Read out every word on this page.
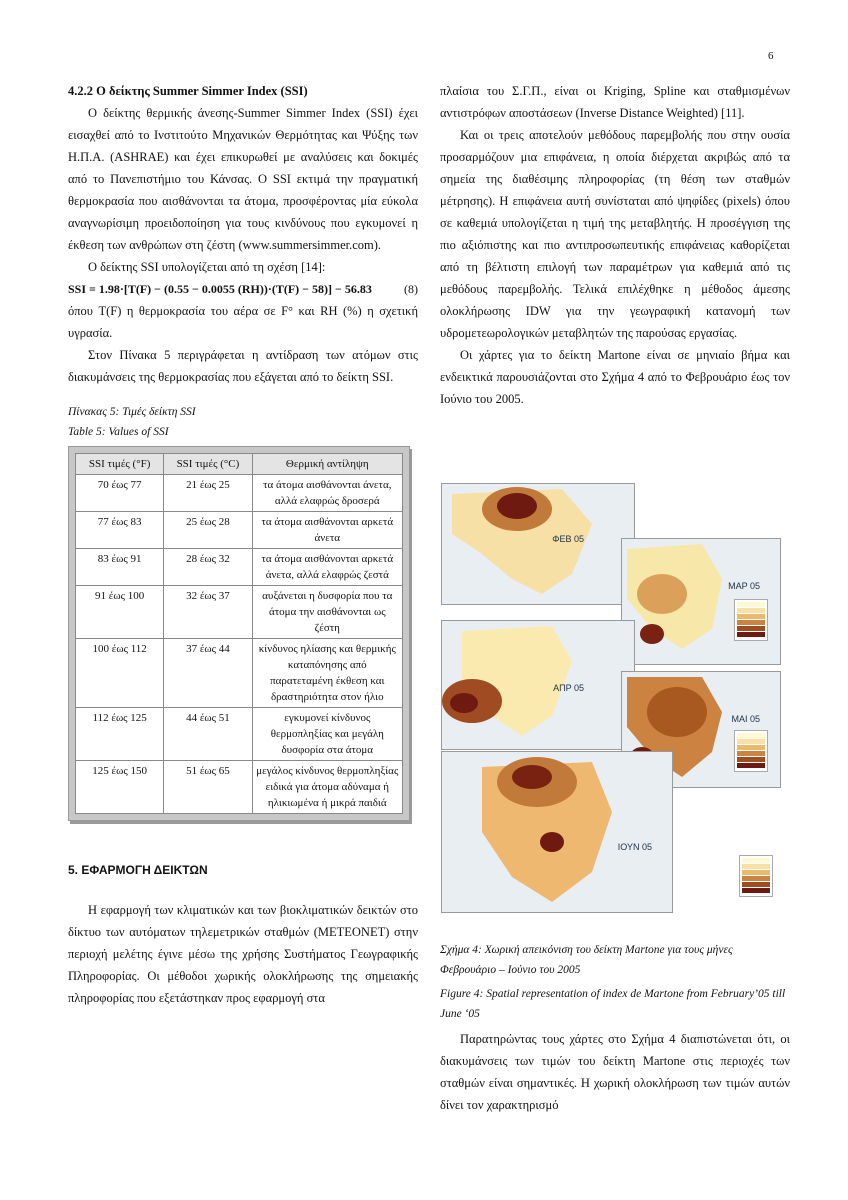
6
4.2.2 Ο δείκτης Summer Simmer Index (SSI)

Ο δείκτης θερμικής άνεσης-Summer Simmer Index (SSI) έχει εισαχθεί από το Ινστιτούτο Μηχανικών Θερμότητας και Ψύξης των Η.Π.Α. (ASHRAE) και έχει επικυρωθεί με αναλύσεις και δοκιμές από το Πανεπιστήμιο του Κάνσας. Ο SSI εκτιμά την πραγματική θερμοκρασία που αισθάνονται τα άτομα, προσφέροντας μία εύκολα αναγνωρίσιμη προειδοποίηση για τους κινδύνους που εγκυμονεί η έκθεση των ανθρώπων στη ζέστη (www.summersimmer.com).

Ο δείκτης SSI υπολογίζεται από τη σχέση [14]:

SSI = 1.98·[T(F) − (0.55 − 0.0055 (RH))·(T(F) − 58)] − 56.83	(8)

όπου T(F) η θερμοκρασία του αέρα σε F° και RH (%) η σχετική υγρασία.

Στον Πίνακα 5 περιγράφεται η αντίδραση των ατόμων στις διακυμάνσεις της θερμοκρασίας που εξάγεται από το δείκτη SSI.

Πίνακας 5: Τιμές δείκτη SSI

Table 5: Values of SSI

SSI τιμές (°F)	SSI τιμές (°C)	Θερμική αντίληψη
70 έως 77	21 έως 25	τα άτομα αισθάνονται άνετα, αλλά ελαφρώς δροσερά
77 έως 83	25 έως 28	τα άτομα αισθάνονται αρκετά άνετα
83 έως 91	28 έως 32	τα άτομα αισθάνονται αρκετά άνετα, αλλά ελαφρώς ζεστά
91 έως 100	32 έως 37	αυξάνεται η δυσφορία που τα άτομα την αισθάνονται ως ζέστη
100 έως 112	37 έως 44	κίνδυνος ηλίασης και θερμικής καταπόνησης από παρατεταμένη έκθεση και δραστηριότητα στον ήλιο
112 έως 125	44 έως 51	εγκυμονεί κίνδυνος θερμοπληξίας και μεγάλη δυσφορία στα άτομα
125 έως 150	51 έως 65	μεγάλος κίνδυνος θερμοπληξίας ειδικά για άτομα αδύναμα ή ηλικιωμένα ή μικρά παιδιά

5. ΕΦΑΡΜΟΓΗ ΔΕΙΚΤΩΝ

Η εφαρμογή των κλιματικών και των βιοκλιματικών δεικτών στο δίκτυο των αυτόματων τηλεμετρικών σταθμών (METEONET) στην περιοχή μελέτης έγινε μέσω της χρήσης Συστήματος Γεωγραφικής Πληροφορίας. Οι μέθοδοι χωρικής ολοκλήρωσης της σημειακής πληροφορίας που εξετάστηκαν προς εφαρμογή στα

πλαίσια του Σ.Γ.Π., είναι οι Kriging, Spline και σταθμισμένων αντιστρόφων αποστάσεων (Inverse Distance Weighted) [11].

Και οι τρεις αποτελούν μεθόδους παρεμβολής που στην ουσία προσαρμόζουν μια επιφάνεια, η οποία διέρχεται ακριβώς από τα σημεία της διαθέσιμης πληροφορίας (τη θέση των σταθμών μέτρησης). Η επιφάνεια αυτή συνίσταται από ψηφίδες (pixels) όπου σε καθεμιά υπολογίζεται η τιμή της μεταβλητής. Η προσέγγιση της πιο αξιόπιστης και πιο αντιπροσωπευτικής επιφάνειας καθορίζεται από τη βέλτιστη επιλογή των παραμέτρων για καθεμιά από τις μεθόδους παρεμβολής. Τελικά επιλέχθηκε η μέθοδος άμεσης ολοκλήρωσης IDW για την γεωγραφική κατανομή των υδρομετεωρολογικών μεταβλητών της παρούσας εργασίας.

Οι χάρτες για το δείκτη Martone είναι σε μηνιαίο βήμα και ενδεικτικά παρουσιάζονται στο Σχήμα 4 από το Φεβρουάριο έως τον Ιούνιο του 2005.

ΦΕΒ 05
ΜΑΡ 05
ΑΠΡ 05
ΜΑΙ 05
ΙΟΥΝ 05

Σχήμα 4: Χωρική απεικόνιση του δείκτη Martone για τους μήνες Φεβρουάριο – Ιούνιο του 2005

Figure 4: Spatial representation of index de Martone from February’05 till June ‘05

Παρατηρώντας τους χάρτες στο Σχήμα 4 διαπιστώνεται ότι, οι διακυμάνσεις των τιμών του δείκτη Martone στις περιοχές των σταθμών είναι σημαντικές. Η χωρική ολοκλήρωση των τιμών αυτών δίνει τον χαρακτηρισμό
